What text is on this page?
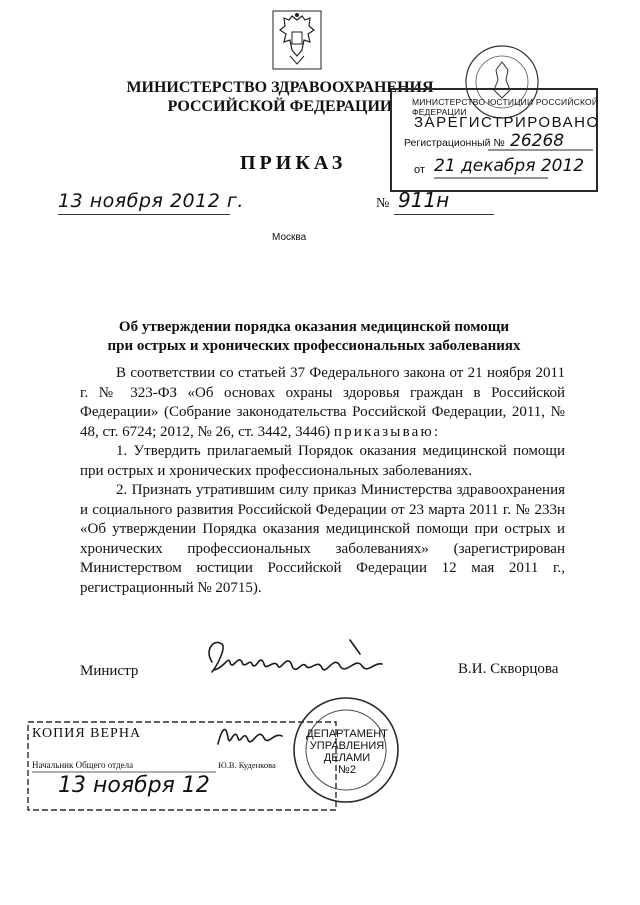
МИНИСТЕРСТВО ЗДРАВООХРАНЕНИЯ
РОССИЙСКОЙ ФЕДЕРАЦИИ	МИНИСТЕРСТВО ЮСТИЦИИ РОССИЙСКОЙ ФЕДЕРАЦИИ
ЗАРЕГИСТРИРОВАНО
Регистрационный № 26268
от 21 декабря 2012
ПРИКАЗ
13 ноября 2012 г.	№ 911н
Москва
Об утверждении порядка оказания медицинской помощи
при острых и хронических профессиональных заболеваниях

В соответствии со статьей 37 Федерального закона от 21 ноября 2011 г. № 323-ФЗ «Об основах охраны здоровья граждан в Российской Федерации» (Собрание законодательства Российской Федерации, 2011, № 48, ст. 6724; 2012, № 26, ст. 3442, 3446) приказываю:

1. Утвердить прилагаемый Порядок оказания медицинской помощи при острых и хронических профессиональных заболеваниях.

2. Признать утратившим силу приказ Министерства здравоохранения и социального развития Российской Федерации от 23 марта 2011 г. № 233н «Об утверждении Порядка оказания медицинской помощи при острых и хронических профессиональных заболеваниях» (зарегистрирован Министерством юстиции Российской Федерации 12 мая 2011 г., регистрационный № 20715).

Министр	В.И. Скворцова
КОПИЯ ВЕРНА
Начальник Общего отдела	Ю.В. Куденкова
13 ноября 12
ДЕПАРТАМЕНТ
УПРАВЛЕНИЯ
ДЕЛАМИ
№2
